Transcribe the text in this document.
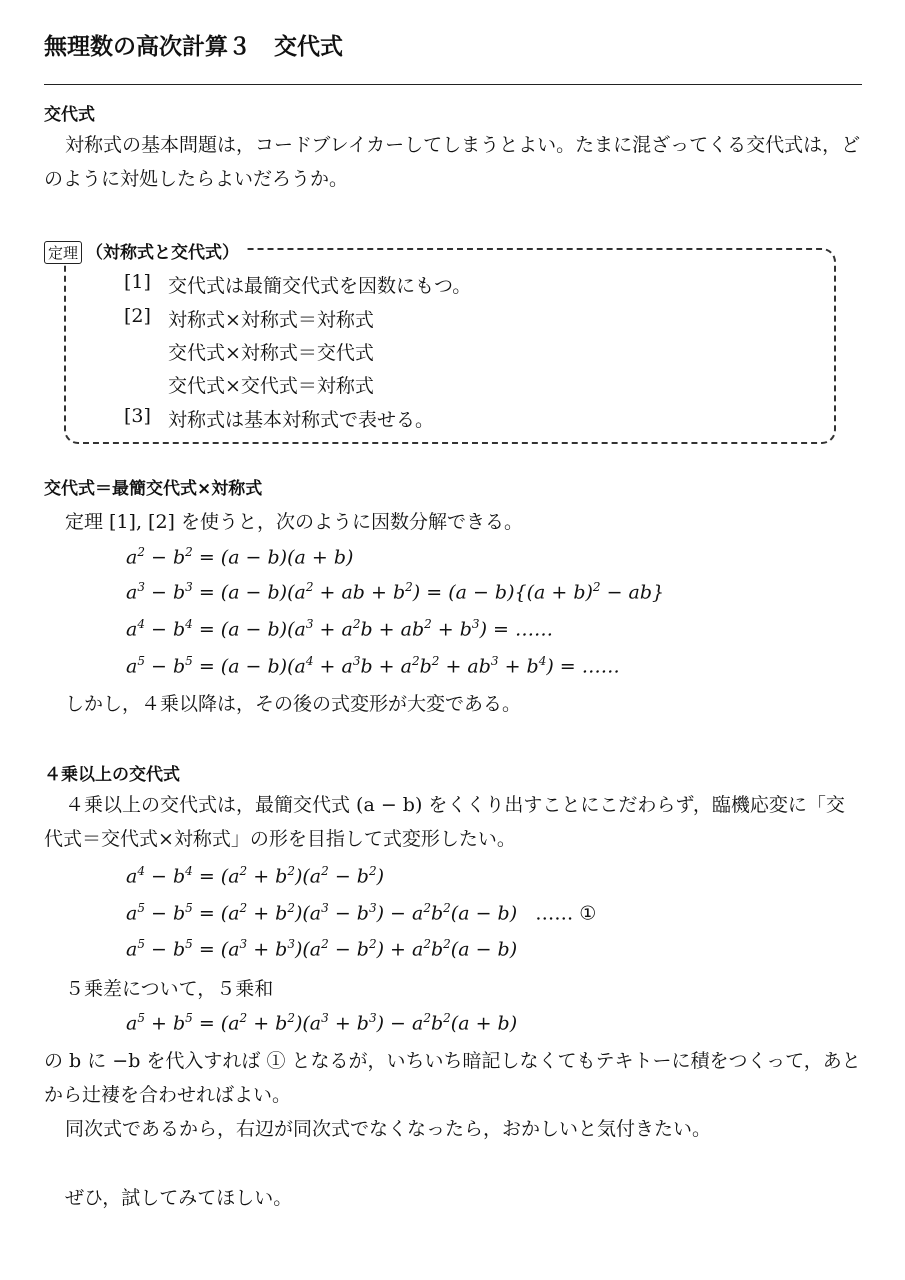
無理数の高次計算３　交代式
交代式
対称式の基本問題は，コードブレイカーしてしまうとよい。たまに混ざってくる交代式は，どのように対処したらよいだろうか。
定理 （対称式と交代式）
[1] 交代式は最簡交代式を因数にもつ。
[2] 対称式×対称式＝対称式
交代式×対称式＝交代式
交代式×交代式＝対称式
[3] 対称式は基本対称式で表せる。
交代式＝最簡交代式×対称式
定理 [1], [2] を使うと，次のように因数分解できる。
$a^2 - b^2 = (a - b)(a + b)$
$a^3 - b^3 = (a - b)(a^2$ + ab + $b^2) = (a - b)\{(a + b)^2 - ab\}$
$a^4 - b^4 = (a - b)(a^3 + a^2b + ab^2 + b^3)$ = ……
$a^5 - b^5 = (a - b)(a^4 + a^3b + a^2b^2 + ab^3 + b^4)$ = ……
しかし，４乗以降は，その後の式変形が大変である。
４乗以上の交代式
４乗以上の交代式は，最簡交代式 (a − b) をくくり出すことにこだわらず，臨機応変に「交代式＝交代式×対称式」の形を目指して式変形したい。
$a^4 - b^4 = (a^2 + b^2)(a^2 - b^2)$
$a^5 - b^5 = (a^2 + b^2)(a^3 - b^3) - a^2b^2(a - b)$   …… ①
$a^5 - b^5 = (a^3 + b^3)(a^2 - b^2) + a^2b^2(a - b)$
５乗差について，５乗和
$a^5 + b^5 = (a^2 + b^2)(a^3 + b^3) - a^2b^2(a + b)$
の b に −b を代入すれば ① となるが，いちいち暗記しなくてもテキトーに積をつくって，あとから辻褄を合わせればよい。
同次式であるから，右辺が同次式でなくなったら，おかしいと気付きたい。
ぜひ，試してみてほしい。
